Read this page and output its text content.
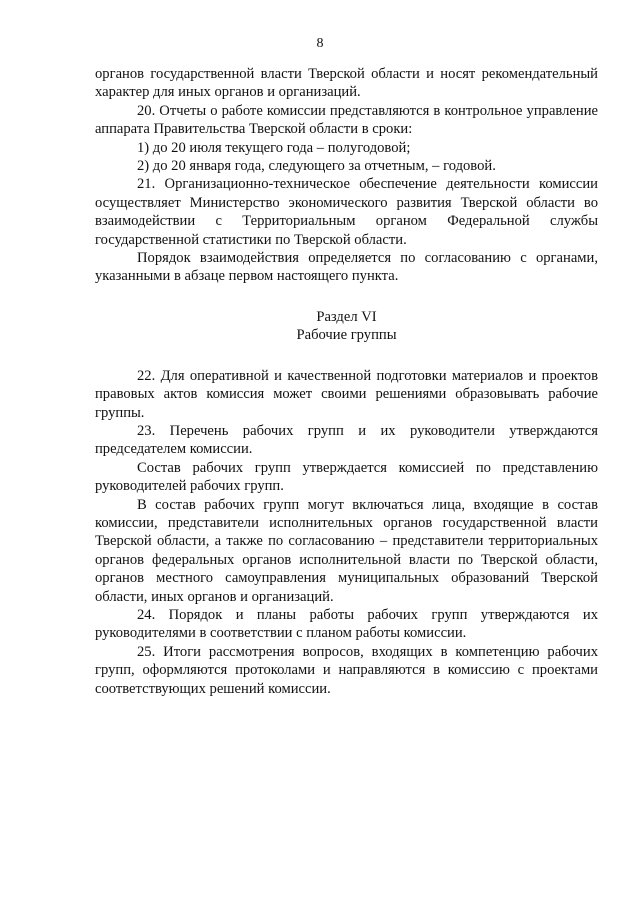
8

органов государственной власти Тверской области и носят рекомендательный характер для иных органов и организаций.

20. Отчеты о работе комиссии представляются в контрольное управление аппарата Правительства Тверской области в сроки:

1) до 20 июля текущего года – полугодовой;

2) до 20 января года, следующего за отчетным, – годовой.

21. Организационно-техническое обеспечение деятельности комиссии осуществляет Министерство экономического развития Тверской области во взаимодействии с Территориальным органом Федеральной службы государственной статистики по Тверской области.

Порядок взаимодействия определяется по согласованию с органами, указанными в абзаце первом настоящего пункта.

Раздел VI
Рабочие группы

22. Для оперативной и качественной подготовки материалов и проектов правовых актов комиссия может своими решениями образовывать рабочие группы.

23. Перечень рабочих групп и их руководители утверждаются председателем комиссии.

Состав рабочих групп утверждается комиссией по представлению руководителей рабочих групп.

В состав рабочих групп могут включаться лица, входящие в состав комиссии, представители исполнительных органов государственной власти Тверской области, а также по согласованию – представители территориальных органов федеральных органов исполнительной власти по Тверской области, органов местного самоуправления муниципальных образований Тверской области, иных органов и организаций.

24. Порядок и планы работы рабочих групп утверждаются их руководителями в соответствии с планом работы комиссии.

25. Итоги рассмотрения вопросов, входящих в компетенцию рабочих групп, оформляются протоколами и направляются в комиссию с проектами соответствующих решений комиссии.
